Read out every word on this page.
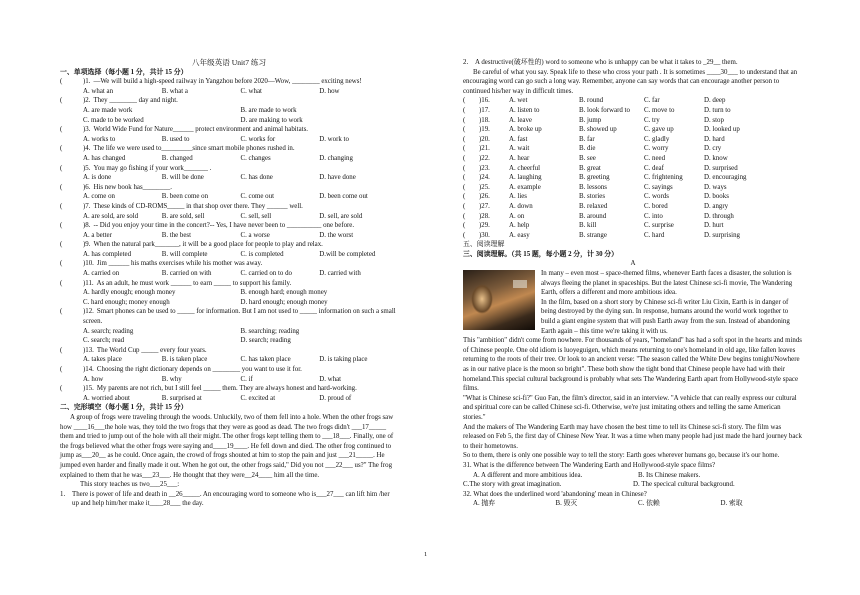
八年级英语 Unit7 练习
一、单项选择（每小题 1 分，共计 15 分）
(	)1. —We will build a high-speed railway in Yangzhou before 2020—Wow, ________ exciting news!
A. what an	B. what a	C. what	D. how
(	)2. They ________ day and night.
A. are made work	B. are made to work
C. made to be worked	D. are making to work
(	)3. World Wide Fund for Nature______ protect environment and animal habitats.
A. works to	B. used to	C. works for	D. work to
(	)4. The life we were used to_________since smart mobile phones rushed in.
A. has changed	B. changed	C. changes	D. changing
(	)5. You may go fishing if your work_______ .
A. is done	B. will be done	C. has done	D. have done
(	)6. His new book has________.
A. come on	B. been come on	C. come out	D. been come out
(	)7. These kinds of CD-ROMS_____ in that shop over there. They ______ well.
A. are sold, are sold	B. are sold, sell	C. sell, sell	D. sell, are sold
(	)8. -- Did you enjoy your time in the concert?-- Yes, I have never been to __________ one before.
A. a better	B. the best	C. a worse	D. the worst
(	)9. When the natural park_______, it will be a good place for people to play and relax.
A. has completed	B. will complete	C. is completed	D.will be completed
(	)10. Jim ______ his maths exercises while his mother was away.
A. carried on	B. carried on with	C. carried on to do	D. carried with
(	)11. As an adult, he must work ______ to earn _____ to support his family.
A. hardly enough; enough money	B. enough hard; enough money
C. hard enough; money enough	D. hard enough; enough money
(	)12. Smart phones can be used to _____ for information. But I am not used to _____ information on such a small screen.
A. search; reading	B. searching; reading
C. search; read	D. search; reading
(	)13. The World Cup _____ every four years.
A. takes place	B. is taken place	C. has taken place	D. is taking place
(	)14. Choosing the right dictionary depends on ________ you want to use it for.
A. how	B. why	C. if	D. what
(	)15. My parents are not rich, but I still feel _____ them. They are always honest and hard-working.
A. worried about	B. surprised at	C. excited at	D. proud of
二、完形填空（每小题 1 分，共计 15 分）
A group of frogs were traveling through the woods. Unluckily, two of them fell into a hole. When the other frogs saw how ____16___the hole was, they told the two frogs that they were as good as dead. The two frogs didn't ___17_____ them and tried to jump out of the hole with all their might. The other frogs kept telling them to ___18___. Finally, one of the frogs believed what the other frogs were saying and____19____. He fell down and died. The other frog continued to jump as___20__ as he could. Once again, the crowd of frogs shouted at him to stop the pain and just ___21_____. He jumped even harder and finally made it out. When he got out, the other frogs said," Did you not ___22___ us?" The frog explained to them that he was___23___. He thought that they were__24____ him all the time.
This story teaches us two___25___:
1. There is power of life and death in __26_____. An encouraging word to someone who is___27___ can lift him /her up and help him/her make it____28___ the day.
2. A destructive(破坏性的) word to someone who is unhappy can be what it takes to _29__ them.
Be careful of what you say. Speak life to these who cross your path . It is sometimes ____30___ to understand that an encouraging word can go such a long way. Remember, anyone can say words that can encourage another person to continued his/her way in difficult times.
(	)16.	A. wet	B. round	C. far	D. deep
(	)17.	A. listen to	B. look forward to	C. move to	D. turn to
(	)18.	A. leave	B. jump	C. try	D. stop
(	)19.	A. broke up	B. showed up	C. gave up	D. looked up
(	)20.	A. fast	B. far	C. gladly	D. hard
(	)21.	A. wait	B. die	C. worry	D. cry
(	)22.	A. hear	B. see	C. need	D. know
(	)23.	A. cheerful	B. great	C. deaf	D. surprised
(	)24.	A. laughing	B. greeting	C. frightening	D. encouraging
(	)25.	A. example	B. lessons	C. sayings	D. ways
(	)26.	A. lies	B. stories	C. words	D. books
(	)27.	A. down	B. relaxed	C. bored	D. angry
(	)28.	A. on	B. around	C. into	D. through
(	)29.	A. help	B. kill	C. surprise	D. hurt
(	)30.	A. easy	B. strange	C. hard	D. surprising
五、阅读理解
三、阅读理解。（共 15 题，每小题 2 分，计 30 分）
A
In many – even most – space-themed films, whenever Earth faces a disaster, the solution is always fleeing the planet in spaceships. But the latest Chinese sci-fi movie, The Wandering Earth, offers a different and more ambitious idea.
In the film, based on a short story by Chinese sci-fi writer Liu Cixin, Earth is in danger of being destroyed by the dying sun. In response, humans around the world work together to build a giant engine system that will push Earth away from the sun. Instead of abandoning Earth again – this time we're taking it with us.
This "ambition" didn't come from nowhere. For thousands of years, "homeland" has had a soft spot in the hearts and minds of Chinese people. One old idiom is luoyeguigen, which means returning to one's homeland in old age, like fallen leaves returning to the roots of their tree. Or look to an ancient verse: "The season called the White Dew begins tonight/Nowhere as in our native place is the moon so bright". These both show the tight bond that Chinese people have had with their homeland.This special cultural background is probably what sets The Wandering Earth apart from Hollywood-style space films.
"What is Chinese sci-fi?" Guo Fan, the film's director, said in an interview. "A vehicle that can really express our cultural and spiritual core can be called Chinese sci-fi. Otherwise, we're just imitating others and telling the same American stories."
And the makers of The Wandering Earth may have chosen the best time to tell its Chinese sci-fi story. The film was released on Feb 5, the first day of Chinese New Year. It was a time when many people had just made the hard journey back to their hometowns.
So to them, there is only one possible way to tell the story: Earth goes wherever humans go, because it's our home.
31. What is the difference between The Wandering Earth and Hollywood-style space films?
A. A different and more ambitious idea.	B. Its Chinese makers.
C.The story with great imagination.	D. The specical cultural background.
32. What does the underlined word 'abandoning' mean in Chinese?
A. 抛弃	B. 毁灭	C. 依赖	D. 索取
1
